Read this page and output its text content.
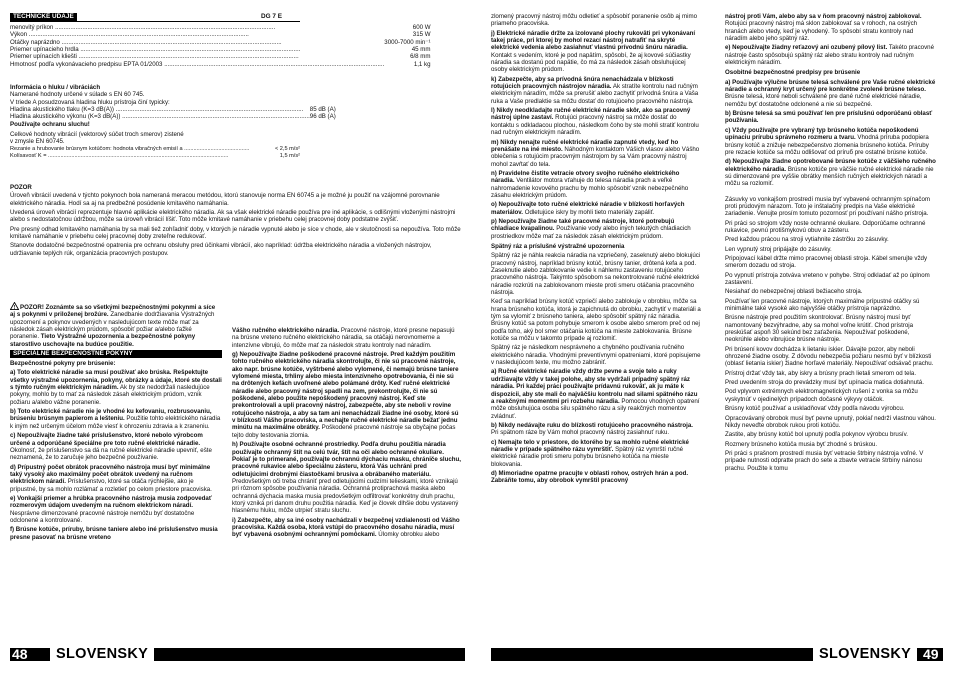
TECHNICKÉ ÚDAJE	DG 7 E
menovitý príkon .................................................................................................................................	600 W

Výkon .................................................................................................................................	315 W

Otáčky naprázdno .................................................................................................................................	3000-7000 min⁻¹

Priemer upínacieho hrdla .................................................................................................................................	45 mm

Priemer upínacích kliešti .................................................................................................................................	6/8 mm

Hmotnosť podľa vykonávacieho predpisu EPTA 01/2003 .................................................................................................................................	1,1 kg
Informácia o hluku / vibráciách
Namerané hodnoty určené v súlade s EN 60 745.
V triede A posudzovaná hladina hluku prístroja činí typicky:
Hladina akustického tlaku (K=3 dB(A)) ..............................................................................................................	85 dB (A)

Hladina akustického výkonu (K=3 dB(A)) ..............................................................................................................	96 dB (A)
Používajte ochranu sluchu!
Celkové hodnoty vibrácií (vektorový súčet troch smerov) zistené
v zmysle EN 60745.
Rezanie a hrubovanie brúsnym kotúčom: hodnota vibračných emisií a ..........................................	< 2,5 m/s²

Kolísavosť K = ....................................................................................................................	1,5 m/s²
POZOR

Úroveň vibrácií uvedená v týchto pokynoch bola nameraná meracou metódou, ktorú stanovuje norma EN 60745 a je možné ju použiť na vzájomné porovnanie elektrického náradia. Hodí sa aj na predbežné posúdenie kmitavého namáhania.

Uvedená úroveň vibrácií reprezentuje hlavné aplikácie elektrického náradia. Ak sa však elektrické náradie používa pre iné aplikácie, s odlišnými vloženými nástrojmi alebo s nedostatočnou údržbou, môže sa úroveň vibrácií líšiť. Toto môže kmitavé namáhanie v priebehu celej pracovnej doby podstatne zvýšiť.

Pre presný odhad kmitavého namáhania by sa mali tiež zohľadniť doby, v ktorých je náradie vypnuté alebo je síce v chode, ale v skutočnosti sa nepoužíva. Toto môže kmitavé namáhanie v priebehu celej pracovnej doby zreteľne redukovať.

Stanovte dodatočné bezpečnostné opatrenia pre ochranu obsluhy pred účinkami vibrácií, ako napríklad: údržba elektrického náradia a vložených nástrojov, udržiavanie teplých rúk, organizácia pracovných postupov.

! POZOR! Zoznámte sa so všetkými bezpečnostnými pokynmi a síce aj s pokynmi v priloženej brožúre. Zanedbanie dodržiavania Výstražných upozornení a pokynov uvedených v nasledujúcom texte môže mať za následok zásah elektrickým prúdom, spôsobiť požiar a/alebo ťažké poranenie. Tieto Výstražné upozornenia a bezpečnostné pokyny starostlivo uschovajte na budúce použitie.

ŠPECIÁLNE BEZPEČNOSTNÉ POKYNY
Bezpečnostné pokyny pre brúsenie:

a) Toto elektrické náradie sa musí používať ako brúska. Rešpektujte všetky výstražné upozornenia, pokyny, obrázky a údaje, ktoré ste dostali s týmto ručným elektrickým náradím. Ak by ste nedodržali nasledujúce pokyny, mohlo by to mať za následok zásah elektrickým prúdom, vznik požiaru a/alebo vážne poranenie.

b) Toto elektrické náradie nie je vhodné ku kefovaniu, rozbrusovaniu, brúseniu brúsnym papierom a lešteniu. Použitie tohto elektrického náradia k iným než určeným účelom môže viesť k ohrozeniu zdravia a k zraneniu.

c) Nepoužívajte žiadne také príslušenstvo, ktoré nebolo výrobcom určené a odporúčané špeciálne pre toto ručné elektrické náradie. Okolnosť, že príslušenstvo sa dá na ručné elektrické náradie upevniť, ešte neznamená, že to zaručuje jeho bezpečné používanie.

d) Prípustný počet obrátok pracovného nástroja musí byť minimálne taký vysoký ako maximálny počet obrátok uvedený na ručnom elektrickom náradí. Príslušenstvo, ktoré sa otáča rýchlejšie, ako je prípustné, by sa mohlo rozlámať a rozletieť po celom priestore pracoviska.

e) Vonkajší priemer a hrúbka pracovného nástroja musia zodpovedať rozmerovým údajom uvedeným na ručnom elektrickom náradí. Nesprávne dimenzované pracovné nástroje nemôžu byť dostatočne odclonené a kontrolované.

f) Brúsne kotúče, príruby, brúsne taniere alebo iné príslušenstvo musia presne pasovať na brúsne vreteno

Vášho ručného elektrického náradia. Pracovné nástroje, ktoré presne nepasujú na brúsne vreteno ručného elektrického náradia, sa otáčajú nerovnomerne a intenzívne vibrujú, čo môže mať za následok stratu kontroly nad náradím.

g) Nepoužívajte žiadne poškodené pracovné nástroje. Pred každým použitím tohto ručného elektrického náradia skontrolujte, či nie sú pracovné nástroje, ako napr. brúsne kotúče, vyštrbené alebo vylomené, či nemajú brúsne taniere vylomené miesta, trhliny alebo miesta intenzívneho opotrebovania, či nie sú na drôtených kefách uvoľnené alebo polámané drôty. Keď ručné elektrické náradie alebo pracovný nástroj spadli na zem, prekontrolujte, či nie sú poškodené, alebo použite nepoškodený pracovný nástroj. Keď ste prekontrolovali a upli pracovný nástroj, zabezpečte, aby ste neboli v rovine rotujúceho nástroja, a aby sa tam ani nenachádzali žiadne iné osoby, ktoré sú v blízkosti Vášho pracoviska, a nechajte ručné elektrické náradie bežať jednu minútu na maximálne obrátky. Poškodené pracovné nástroje sa obyčajne počas tejto doby testovania zlomia.

h) Používajte osobné ochranné prostriedky. Podľa druhu použitia náradia používajte ochranný štít na celú tvár, štít na oči alebo ochranné okuliare. Pokiaľ je to primerané, používajte ochrannú dýchaciu masku, chrániče sluchu, pracovné rukavice alebo špeciálnu zásteru, ktorá Vás uchráni pred odletujúcimi drobnými čiastočkami brusiva a obrábaného materiálu. Predovšetkým oči treba chrániť pred odletujúcimi cudzími telieskami, ktoré vznikajú pri rôznom spôsobe používania náradia. Ochranná protiprachová maska alebo ochranná dýchacia maska musia predovšetkým odfiltrovať konkrétny druh prachu, ktorý vzniká pri danom druhu použitia náradia. Keď je človek dlhšie dobu vystavený hlasnému hluku, môže utrpieť stratu sluchu.

i) Zabezpečte, aby sa iné osoby nachádzali v bezpečnej vzdialenosti od Vášho pracoviska. Každá osoba, ktorá vstúpi do pracovného dosahu náradia, musí byť vybavená osobnými ochrannými pomôckami. Úlomky obrobku alebo

48	SLOVENSKY

zlomený pracovný nástroj môžu odletieť a spôsobiť poranenie osôb aj mimo priameho pracoviska.

j) Elektrické náradie držte za izolované plochy rukoväti pri vykonávaní takej práce, pri ktorej by mohol rezací nástroj natrafiť na skryté elektrické vedenia alebo zasiahnuť vlastnú prívodnú šnúru náradia. Kontakt s vedením, ktoré je pod napätím, spôsobí, že aj kovové súčiastky náradia sa dostanú pod napätie, čo má za následok zásah obsluhujúcej osoby elektrickým prúdom.

k) Zabezpečte, aby sa prívodná šnúra nenachádzala v blízkosti rotujúcich pracovných nástrojov náradia. Ak stratíte kontrolu nad ručným elektrickým náradím, môže sa prerušiť alebo zachytiť prívodná šnúra a Vaša ruka a Vaše predlaktie sa môžu dostať do rotujúceho pracovného nástroja.

l) Nikdy neodkladajte ručné elektrické náradie skôr, ako sa pracovný nástroj úplne zastaví. Rotujúci pracovný nástroj sa môže dostať do kontaktu s odkladacou plochou, následkom čoho by ste mohli stratiť kontrolu nad ručným elektrickým náradím.

m) Nikdy nenajte ručné elektrické náradie zapnuté vtedy, keď ho prenášate na iné miesto. Náhodným kontaktom Vášich vlasov alebo Vášho oblečenia s rotujúcim pracovným nástrojom by sa Vám pracovný nástroj mohol zavŕtať do tela.

n) Pravidelne čistite vetracie otvory svojho ručného elektrického náradia. Ventilátor motora vťahuje do telesa náradia prach a veľké nahromadenie kovového prachu by mohlo spôsobiť vznik nebezpečného zásahu elektrickým prúdom.

o) Nepoužívajte toto ručné elektrické náradie v blízkosti horľavých materiálov. Odletujúce iskry by mohli tieto materiály zapáliť.

p) Nepoužívajte žiadne také pracovné nástroje, ktoré potrebujú chladiace kvapalinou. Používanie vody alebo iných tekutých chladiacich prostriedkov môže mať za následok zásah elektrickým prúdom.

Spätný ráz a príslušné výstražné upozornenia

Spätný ráz je náhla reakcia náradia na vzpriečený, zaseknutý alebo blokujúci pracovný nástroj, napríklad brúsny kotúč, brúsny tanier, drôtená kefa a pod. Zaseknutie alebo zablokovanie vedie k náhlemu zastaveniu rotujúceho pracovného nástroja. Takýmto spôsobom sa nekontrolované ručné elektrické náradie rozkrúti na zablokovanom mieste proti smeru otáčania pracovného nástroja.

Keď sa napríklad brúsny kotúč vzpriečí alebo zablokuje v obrobku, môže sa hrana brúsneho kotúča, ktorá je zapichnutá do obrobku, zachytiť v materiáli a tým sa vylomiť z brúsneho taniera, alebo spôsobiť spätný ráz náradia. Brúsny kotúč sa potom pohybuje smerom k osobe alebo smerom preč od nej podľa toho, aký bol smer otáčania kotúča na mieste zablokovania. Brúsne kotúče sa môžu v takomto prípade aj rozlomiť.

Spätný ráz je následkom nesprávneho a chybného používania ručného elektrického náradia. Vhodnými preventívnymi opatreniami, ktoré popisujeme v nasledujúcom texte, mu možno zabrániť.

a) Ručné elektrické náradie vždy držte pevne a svoje telo a ruky udržiavajte vždy v takej polohe, aby ste vydržali prípadný spätný ráz náradia. Pri každej práci používajte prídavnú rukoväť, ak ju máte k dispozícii, aby ste mali čo najväčšiu kontrolu nad silami spätného rázu a reakčnými momentmi pri rozbehu náradia. Pomocou vhodných opatrení môže obsluhujúca osoba silu spätného rázu a sily reakčných momentov zvládnuť.

b) Nikdy nedávajte ruku do blízkosti rotujúceho pracovného nástroja. Pri spätnom ráze by Vám mohol pracovný nástroj zasiahnuť ruku.

c) Nemajte telo v priestore, do ktorého by sa mohlo ručné elektrické náradie v prípade spätného rázu vymrštiť. Spätný ráz vymrští ručné elektrické náradie proti smeru pohybu brúsneho kotúča na mieste blokovania.

d) Mimoriadne opatrne pracujte v oblasti rohov, ostrých hrán a pod. Zabráňte tomu, aby obrobok vymrštil pracovný

nástroj proti Vám, alebo aby sa v ňom pracovný nástroj zablokoval. Rotujúci pracovný nástroj má sklon zablokovať sa v rohoch, na ostrých hranách alebo vtedy, keď je vyhodený. To spôsobí stratu kontroly nad náradím alebo jeho spätný ráz.

e) Nepoužívajte žiadny reťazový ani ozubený pílový list. Takéto pracovné nástroje často spôsobujú spätný ráz alebo stratu kontroly nad ručným elektrickým náradím.

Osobitné bezpečnostné predpisy pre brúsenie

a) Používajte výlučne brúsne telesá schválené pre Vaše ručné elektrické náradie a ochranný kryt určený pre konkrétne zvolené brúsne teleso. Brúsne telesá, ktoré neboli schválené pre dané ručné elektrické náradie, nemôžu byť dostatočne odclonené a nie sú bezpečné.

b) Brúsne telesá sa smú používať len pre príslušnú odporúčanú oblasť používania.

c) Vždy používajte pre vybraný typ brúsneho kotúča nepoškodenú upínaciu prírubu správneho rozmeru a tvaru. Vhodná príruba podopiera brúsny kotúč a znižuje nebezpečenstvo zlomenia brúsneho kotúča. Príruby pre rezacie kotúče sa môžu odlišovať od príruб pre ostatné brúsne kotúče.

d) Nepoužívajte žiadne opotrebované brúsne kotúče z väčšieho ručného elektrického náradia. Brúsne kotúče pre väčšie ručné elektrické náradie nie sú dimenzované pre vyššie obrátky menších ručných elektrických náradí a môžu sa rozlomiť.

Zásuvky vo vonkajšom prostredí musia byť vybavené ochranným spínačom proti prúdovým nárazom. Toto je inštalačný predpis na Vaše elektrické zariadenie. Venujte prosím tomuto pozornosť pri používaní nášho prístroja.

Pri práci so strojom vždy noste ochranné okuliare. Odporúčame ochranné rukavice, pevnú protišmykovú obuv a zásteru.

Pred každou prácou na stroji vytiahnite zástrčku zo zásuvky.

Len vypnutý stroj pripájajte do zásuvky.

Pripojovací kábel držte mimo pracovnej oblasti stroja. Kábel smerujte vždy smerom dozadu od stroja.

Po vypnutí prístroja zotváva vreteno v pohybe. Stroj odkladať až po úplnom zastavení.

Nesiahať do nebezpečnej oblasti bežiaceho stroja.

Používať len pracovné nástroje, ktorých maximálne prípustné otáčky sú minimálne také vysoké ako najvyššie otáčky prístroja naprázdno.

Brúsne nástroje pred použitím skontrolovať. Brúsny nástroj musí byť namontovaný bezvýhradne, aby sa mohol voľne krútiť. Chod prístroja preskúšať aspoň 30 sekúnd bez zaťaženia. Nepoužívať poškodené, neokrúhle alebo vibrujúce brúsne nástroje.

Pri brúsení kovov dochádza k lietaniu iskier. Dávajte pozor, aby neboli ohrozené žiadne osoby. Z dôvodu nebezpečia požiaru nesmú byť v blízkosti (oblasť lietania iskier) žiadne horľavé materiály. Nepoužívať odsávač prachu.

Prístroj držať vždy tak, aby iskry a brúsny prach lietali smerom od tela.

Pred uvedením stroja do prevádzky musí byť upínacia matica dotiahnutá.

Pod vplyvom extrémnych elektromagnetických rušení z vonka sa môžu vyskytnúť v ojedinelých prípadoch dočasné výkyvy otáčok.

Brúsny kotúč používať a uskladňovať vždy podľa návodu výrobcu.

Opracovávaný obrobok musí byť pevne upnutý, pokiaľ nedrží vlastnou váhou. Nikdy neveďte obrobok rukou proti kotúču.

Zastite, aby brúsny kotúč bol upnutý podľa pokynov výrobcu brusív.

Rozmery brúsneho kotúča musia byť zhodné s brúskou.

Pri práci s prašnom prostredí musia byť vetracie štrbiny nástroja voľné. V prípade nutnosti odpratte prach do sete a zbavte vetracie štrbiny nánosu prachu. Použite k tomu

SLOVENSKY 49
